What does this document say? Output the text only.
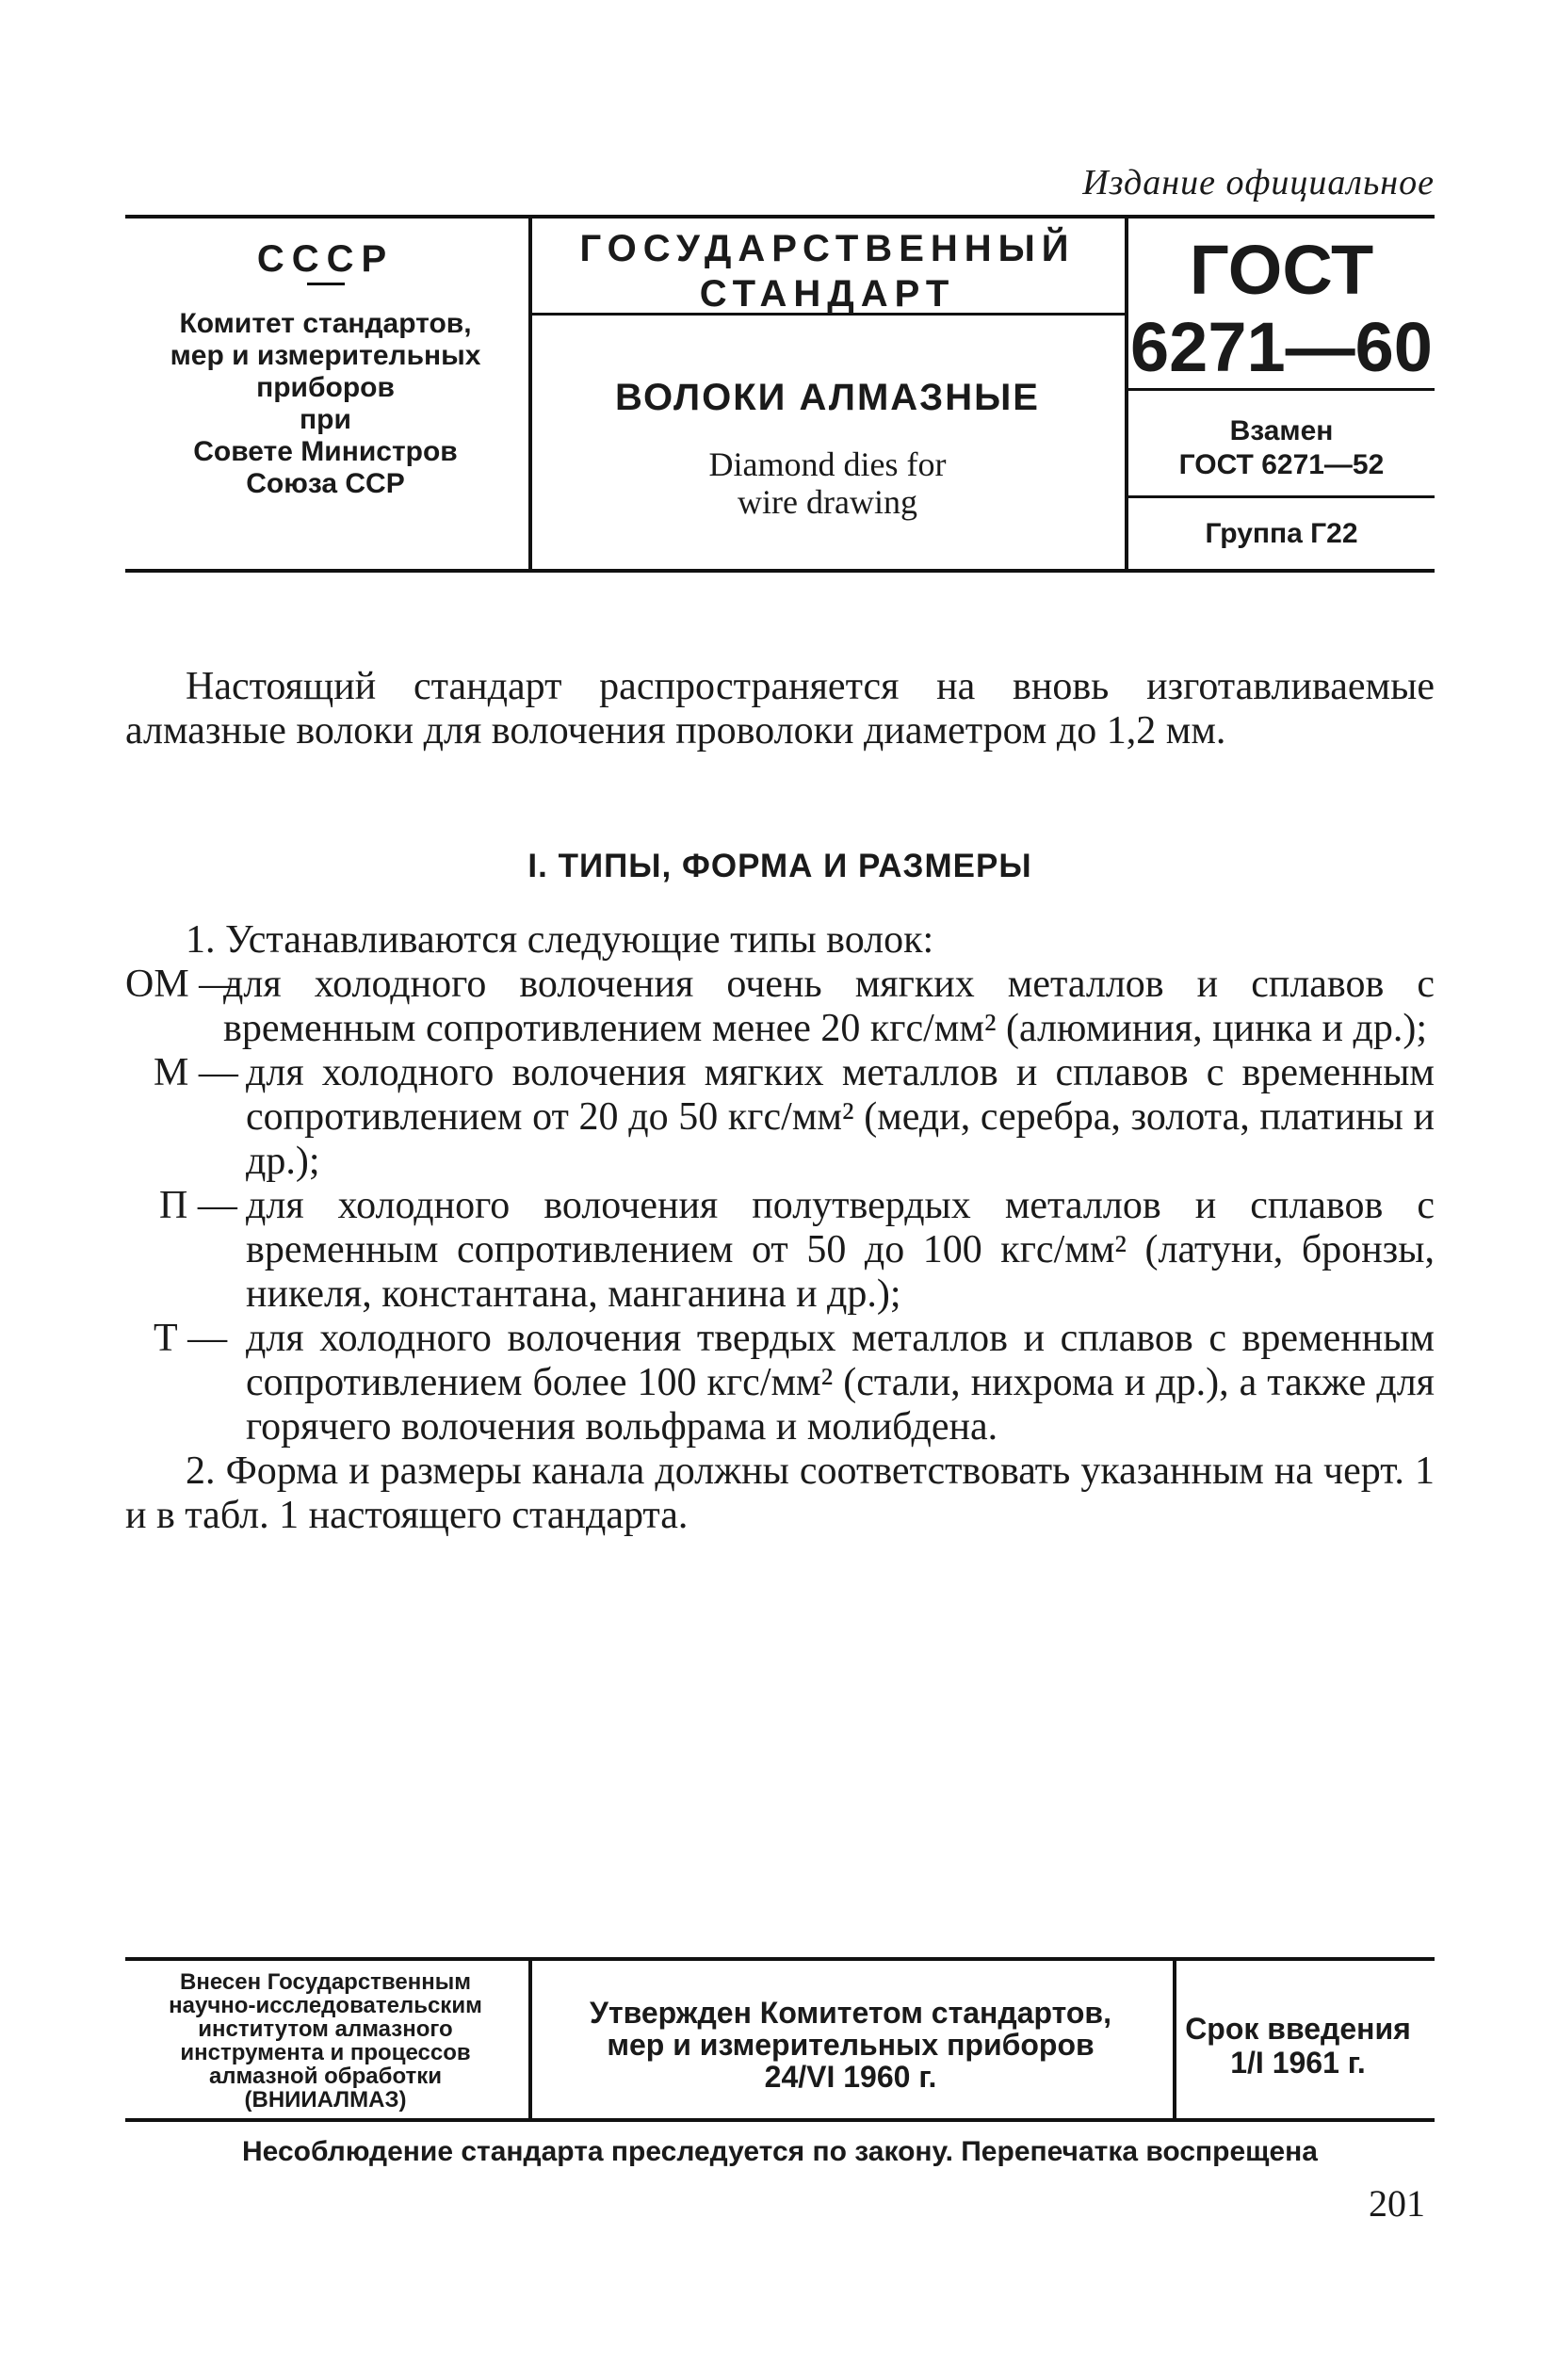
Издание официальное
СССР
Комитет стандартов,
мер и измерительных
приборов
при
Совете Министров
Союза ССР
ГОСУДАРСТВЕННЫЙ
СТАНДАРТ
ВОЛОКИ АЛМАЗНЫЕ
Diamond dies for
wire drawing
ГОСТ
6271—60
Взамен
ГОСТ 6271—52
Группа Г22
Настоящий стандарт распространяется на вновь изготавливаемые алмазные волоки для волочения проволоки диаметром до 1,2 мм.
I. ТИПЫ, ФОРМА И РАЗМЕРЫ
1. Устанавливаются следующие типы волок:
ОМ —
для холодного волочения очень мягких металлов и сплавов с временным сопротивлением менее 20 кгс/мм² (алюминия, цинка и др.);
М — для холодного волочения мягких металлов и сплавов с временным сопротивлением от 20 до 50 кгс/мм² (меди, серебра, золота, платины и др.);
П — для холодного волочения полутвердых металлов и сплавов с временным сопротивлением от 50 до 100 кгс/мм² (латуни, бронзы, никеля, константана, манганина и др.);
Т — для холодного волочения твердых металлов и сплавов с временным сопротивлением более 100 кгс/мм² (стали, нихрома и др.), а также для горячего волочения вольфрама и молибдена.
2. Форма и размеры канала должны соответствовать указанным на черт. 1 и в табл. 1 настоящего стандарта.
Внесен Государственным
научно-исследовательским
институтом алмазного
инструмента и процессов
алмазной обработки
(ВНИИАЛМАЗ)
Утвержден Комитетом стандартов,
мер и измерительных приборов
24/VI 1960 г.
Срок введения
1/I 1961 г.
Несоблюдение стандарта преследуется по закону. Перепечатка воспрещена
201
